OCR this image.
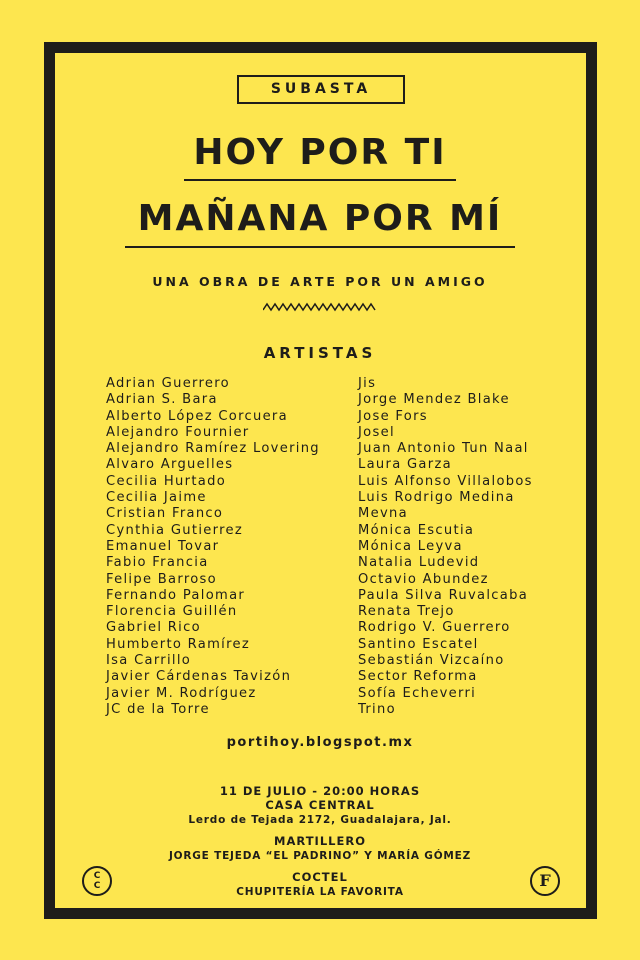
SUBASTA
HOY POR TI
MAÑANA POR MÍ
UNA OBRA DE ARTE POR UN AMIGO
ARTISTAS
Adrian Guerrero
Adrian S. Bara
Alberto López Corcuera
Alejandro Fournier
Alejandro Ramírez Lovering
Alvaro Arguelles
Cecilia Hurtado
Cecilia Jaime
Cristian Franco
Cynthia Gutierrez
Emanuel Tovar
Fabio Francia
Felipe Barroso
Fernando Palomar
Florencia Guillén
Gabriel Rico
Humberto Ramírez
Isa Carrillo
Javier Cárdenas Tavizón
Javier M. Rodríguez
JC de la Torre
Jis
Jorge Mendez Blake
Jose Fors
Josel
Juan Antonio Tun Naal
Laura Garza
Luis Alfonso Villalobos
Luis Rodrigo Medina
Mevna
Mónica Escutia
Mónica Leyva
Natalia Ludevid
Octavio Abundez
Paula Silva Ruvalcaba
Renata Trejo
Rodrigo V. Guerrero
Santino Escatel
Sebastián Vizcaíno
Sector Reforma
Sofía Echeverri
Trino
portihoy.blogspot.mx
11 DE JULIO - 20:00 HORAS
CASA CENTRAL
Lerdo de Tejada 2172, Guadalajara, Jal.
MARTILLERO
JORGE TEJEDA “EL PADRINO” Y MARÍA GÓMEZ
COCTEL
CHUPITERÍA LA FAVORITA
C
C	F
